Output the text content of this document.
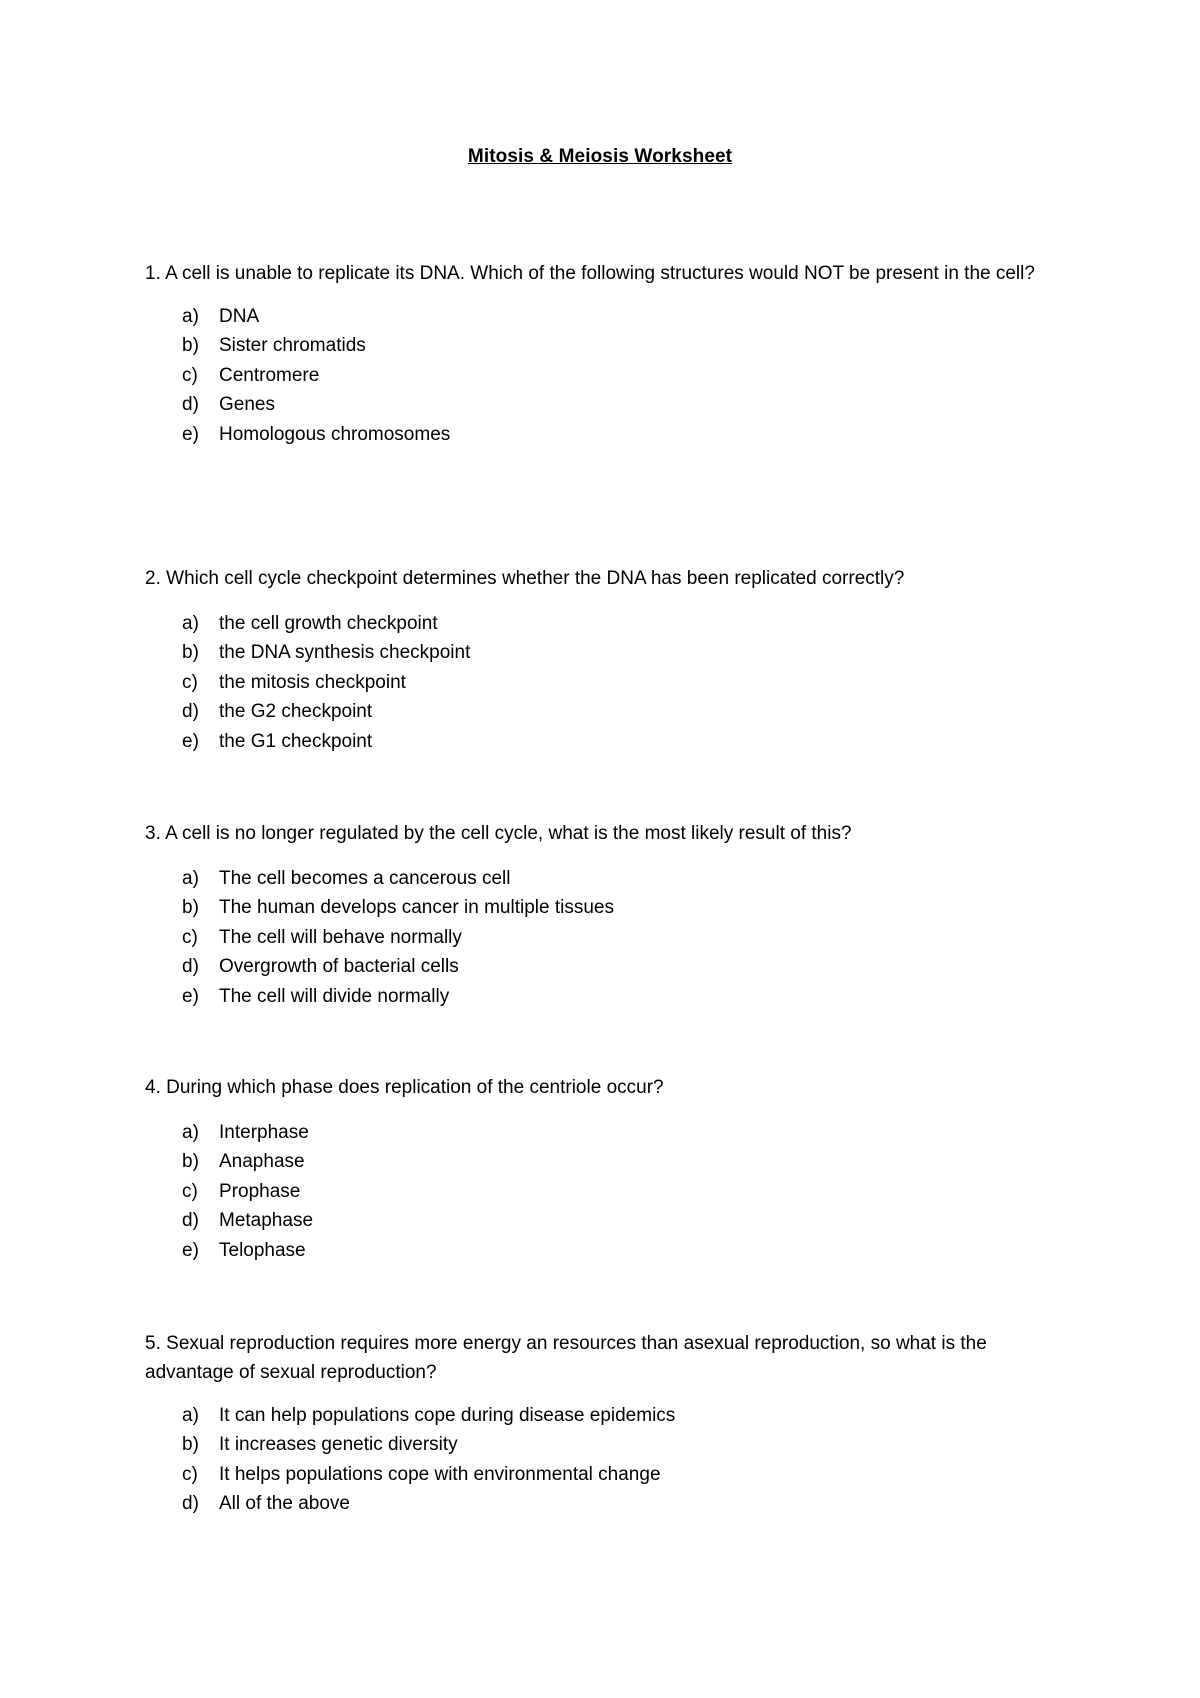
Mitosis & Meiosis Worksheet

1. A cell is unable to replicate its DNA. Which of the following structures would NOT be present in the cell?

a) DNA
b) Sister chromatids
c) Centromere
d) Genes
e) Homologous chromosomes

2. Which cell cycle checkpoint determines whether the DNA has been replicated correctly?

a) the cell growth checkpoint
b) the DNA synthesis checkpoint
c) the mitosis checkpoint
d) the G2 checkpoint
e) the G1 checkpoint

3. A cell is no longer regulated by the cell cycle, what is the most likely result of this?

a) The cell becomes a cancerous cell
b) The human develops cancer in multiple tissues
c) The cell will behave normally
d) Overgrowth of bacterial cells
e) The cell will divide normally

4. During which phase does replication of the centriole occur?

a) Interphase
b) Anaphase
c) Prophase
d) Metaphase
e) Telophase

5. Sexual reproduction requires more energy an resources than asexual reproduction, so what is the advantage of sexual reproduction?

a) It can help populations cope during disease epidemics
b) It increases genetic diversity
c) It helps populations cope with environmental change
d) All of the above
